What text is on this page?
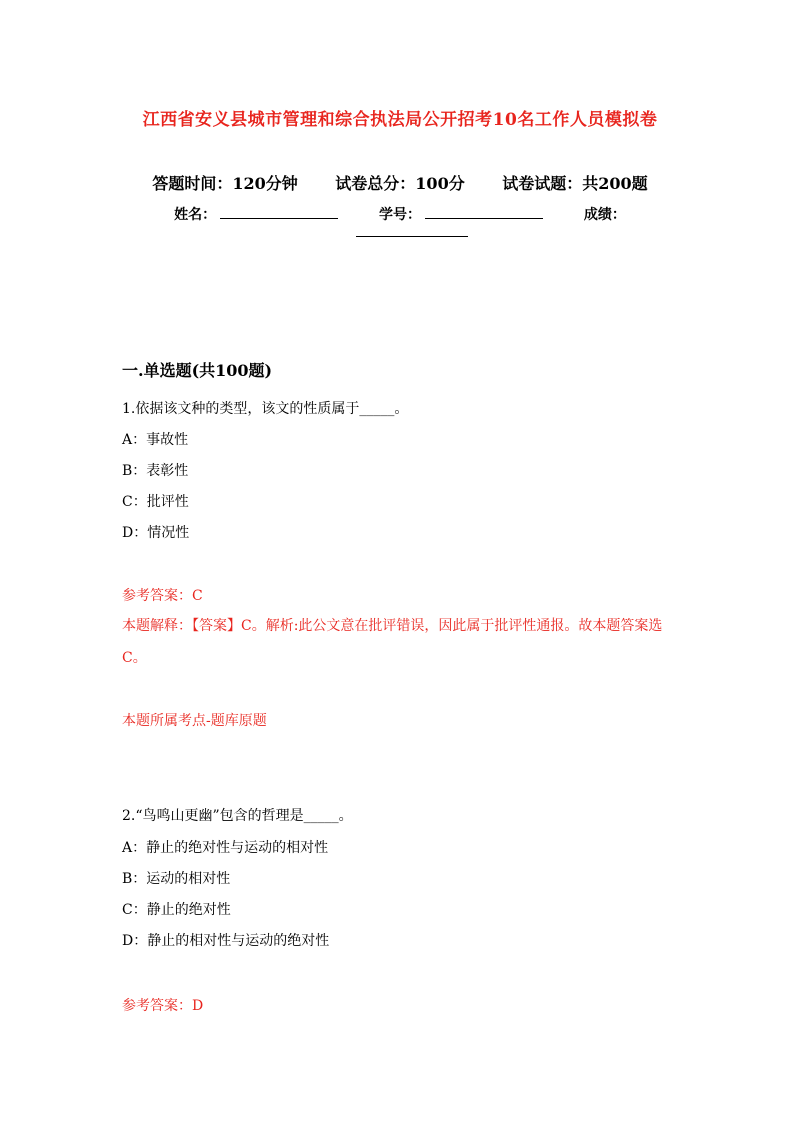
江西省安义县城市管理和综合执法局公开招考10名工作人员模拟卷
答题时间：120分钟 试卷总分：100分 试卷试题：共200题
姓名：	学号：	成绩：
一.单选题(共100题)
1.依据该文种的类型，该文的性质属于_____。
A：事故性
B：表彰性
C：批评性
D：情况性
参考答案：C
本题解释：【答案】C。解析:此公文意在批评错误，因此属于批评性通报。故本题答案选C。
本题所属考点-题库原题
2.“鸟鸣山更幽”包含的哲理是_____。
A：静止的绝对性与运动的相对性
B：运动的相对性
C：静止的绝对性
D：静止的相对性与运动的绝对性
参考答案：D
